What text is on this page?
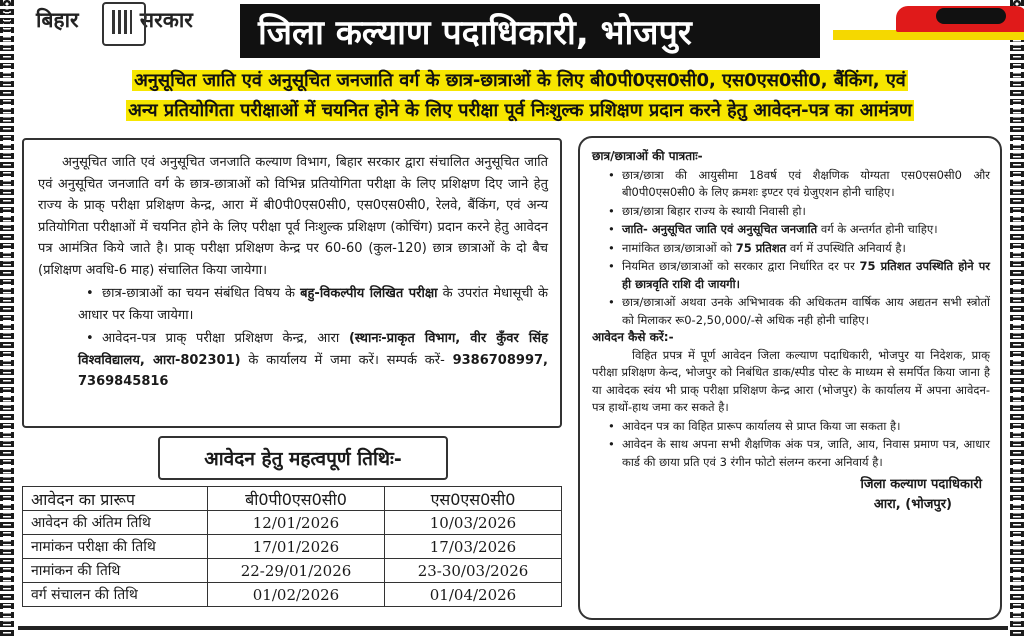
बिहार	सरकार	जिला कल्याण पदाधिकारी, भोजपुर
अनुसूचित जाति एवं अनुसूचित जनजाति वर्ग के छात्र-छात्राओं के लिए बी0पी0एस0सी0, एस0एस0सी0, बैंकिंग, एवं
अन्य प्रतियोगिता परीक्षाओं में चयनित होने के लिए परीक्षा पूर्व निःशुल्क प्रशिक्षण प्रदान करने हेतु आवेदन-पत्र का आमंत्रण

अनुसूचित जाति एवं अनुसूचित जनजाति कल्याण विभाग, बिहार सरकार द्वारा संचालित अनुसूचित जाति एवं अनुसूचित जनजाति वर्ग के छात्र-छात्राओं को विभिन्न प्रतियोगिता परीक्षा के लिए प्रशिक्षण दिए जाने हेतु राज्य के प्राक् परीक्षा प्रशिक्षण केन्द्र, आरा में बी0पी0एस0सी0, एस0एस0सी0, रेलवे, बैंकिंग, एवं अन्य प्रतियोगिता परीक्षाओं में चयनित होने के लिए परीक्षा पूर्व निःशुल्क प्रशिक्षण (कोचिंग) प्रदान करने हेतु आवेदन पत्र आमंत्रित किये जाते है। प्राक् परीक्षा प्रशिक्षण केन्द्र पर 60-60 (कुल-120) छात्र छात्राओं के दो बैच (प्रशिक्षण अवधि-6 माह) संचालित किया जायेगा।

• छात्र-छात्राओं का चयन संबंधित विषय के बहु-विकल्पीय लिखित परीक्षा के उपरांत मेधासूची के आधार पर किया जायेगा।

• आवेदन-पत्र प्राक् परीक्षा प्रशिक्षण केन्द्र, आरा (स्थानः-प्राकृत विभाग, वीर कुँवर सिंह विश्वविद्यालय, आरा-802301) के कार्यालय में जमा करें। सम्पर्क करें- 9386708997, 7369845816

आवेदन हेतु महत्वपूर्ण तिथिः-
आवेदन का प्रारूप	बी0पी0एस0सी0	एस0एस0सी0
आवेदन की अंतिम तिथि	12/01/2026	10/03/2026
नामांकन परीक्षा की तिथि	17/01/2026	17/03/2026
नामांकन की तिथि	22-29/01/2026	23-30/03/2026
वर्ग संचालन की तिथि	01/02/2026	01/04/2026

छात्र/छात्राओं की पात्रताः-

• छात्र/छात्रा की आयुसीमा 18वर्ष एवं शैक्षणिक योग्यता एस0एस0सी0 और बी0पी0एस0सी0 के लिए क्रमशः इण्टर एवं ग्रेजुएशन होनी चाहिए।

• छात्र/छात्रा बिहार राज्य के स्थायी निवासी हो।

• जाति- अनुसूचित जाति एवं अनुसूचित जनजाति वर्ग के अन्तर्गत होनी चाहिए।

• नामांकित छात्र/छात्राओं को 75 प्रतिशत वर्ग में उपस्थिति अनिवार्य है।

• नियमित छात्र/छात्राओं को सरकार द्वारा निर्धारित दर पर 75 प्रतिशत उपस्थिति होने पर ही छात्रवृति राशि दी जायगी।

• छात्र/छात्राओं अथवा उनके अभिभावक की अधिकतम वार्षिक आय अद्यतन सभी स्त्रोतों को मिलाकर रू0-2,50,000/-से अधिक नही होनी चाहिए।

आवेदन कैसे करें:-

विहित प्रपत्र में पूर्ण आवेदन जिला कल्याण पदाधिकारी, भोजपुर या निदेशक, प्राक् परीक्षा प्रशिक्षण केन्द, भोजपुर को निबंधित डाक/स्पीड पोस्ट के माध्यम से समर्पित किया जाना है या आवेदक स्वंय भी प्राक् परीक्षा प्रशिक्षण केन्द्र आरा (भोजपुर) के कार्यालय में अपना आवेदन-पत्र हाथों-हाथ जमा कर सकते है।

• आवेदन पत्र का विहित प्रारूप कार्यालय से प्राप्त किया जा सकता है।

• आवेदन के साथ अपना सभी शैक्षणिक अंक पत्र, जाति, आय, निवास प्रमाण पत्र, आधार कार्ड की छाया प्रति एवं 3 रंगीन फोटो संलग्न करना अनिवार्य है।

जिला कल्याण पदाधिकारी
आरा, (भोजपुर)
